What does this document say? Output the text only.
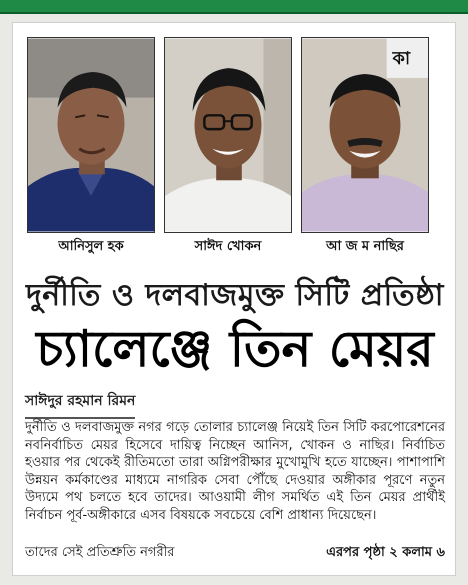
কা
আনিসুল হক	সাঈদ খোকন	আ জ ম নাছির
দুর্নীতি ও দলবাজমুক্ত সিটি প্রতিষ্ঠা
চ্যালেঞ্জে তিন মেয়র
সাঈদুর রহমান রিমন
দুর্নীতি ও দলবাজমুক্ত নগর গড়ে তোলার চ্যালেঞ্জ নিয়েই তিন সিটি করপোরেশনের নবনির্বাচিত মেয়র হিসেবে দায়িত্ব নিচ্ছেন আনিস, খোকন ও নাছির। নির্বাচিত হওয়ার পর থেকেই রীতিমতো তারা অগ্নিপরীক্ষার মুখোমুখি হতে যাচ্ছেন। পাশাপাশি উন্নয়ন কর্মকাণ্ডের মাধ্যমে নাগরিক সেবা পৌঁছে দেওয়ার অঙ্গীকার পূরণে নতুন উদ্যমে পথ চলতে হবে তাদের। আওয়ামী লীগ সমর্থিত এই তিন মেয়র প্রার্থীই নির্বাচন পূর্ব-অঙ্গীকারে এসব বিষয়কে সবচেয়ে বেশি প্রাধান্য দিয়েছেন।
তাদের সেই প্রতিশ্রুতি নগরীর	এরপর পৃষ্ঠা ২ কলাম ৬
